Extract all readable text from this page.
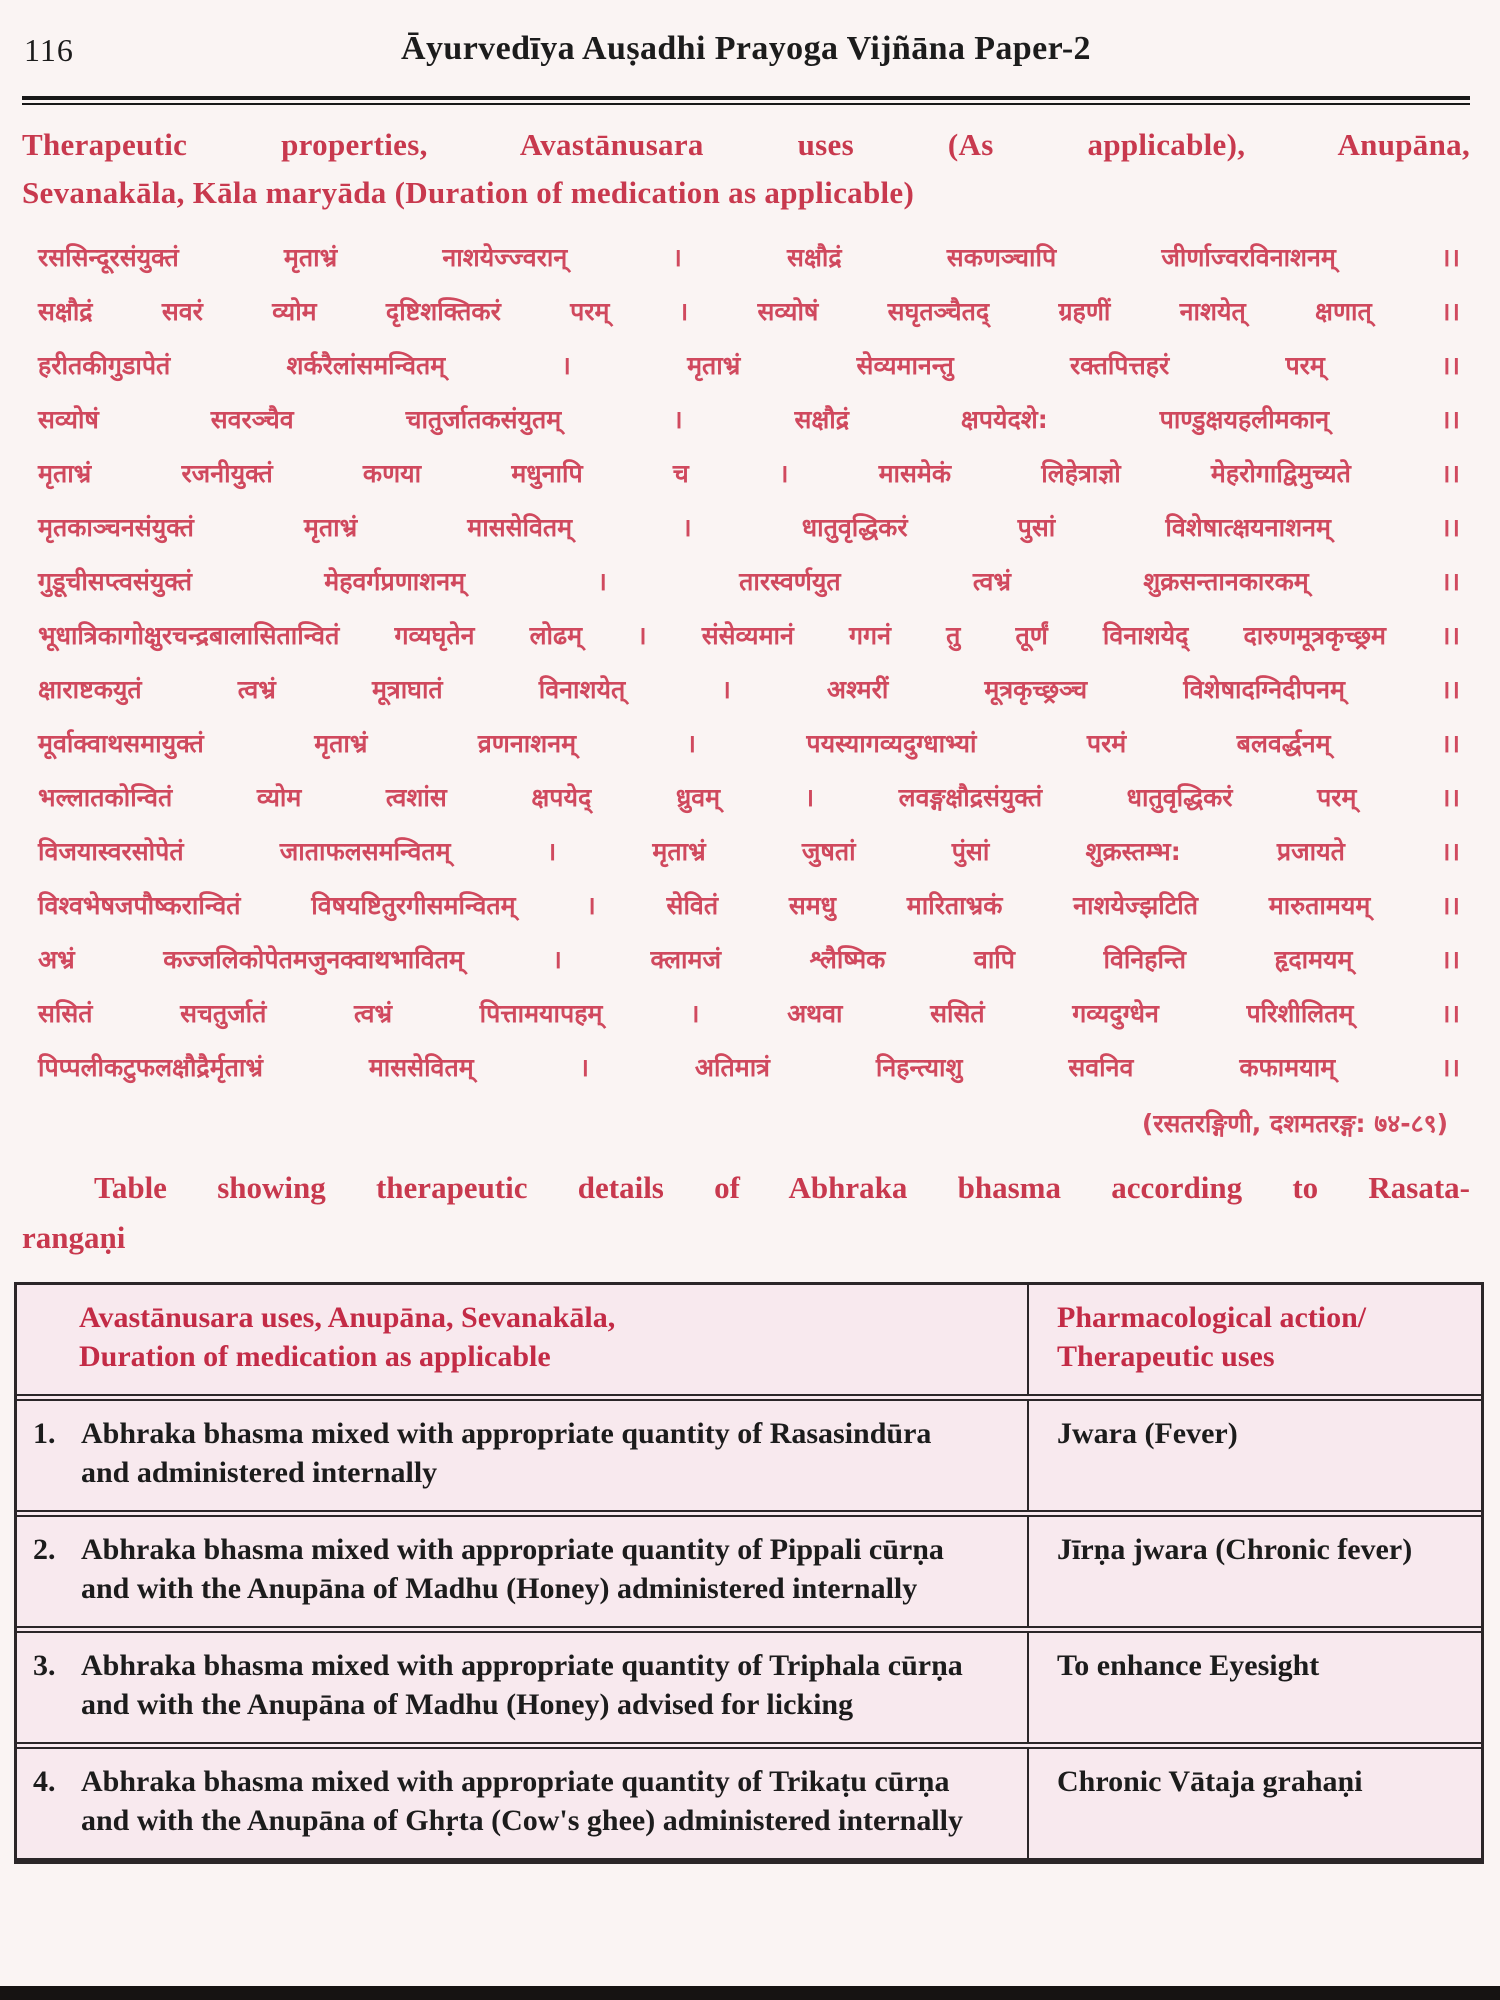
116	Āyurvedīya Auṣadhi Prayoga Vijñāna Paper-2
Therapeutic properties, Avastānusara uses (As applicable), Anupāna,
Sevanakāla, Kāla maryāda (Duration of medication as applicable)
रससिन्दूरसंयुक्तं मृताभ्रं नाशयेज्ज्वरान् । सक्षौद्रं सकणञ्चापि जीर्णाज्वरविनाशनम् ।।
सक्षौद्रं सवरं व्योम दृष्टिशक्तिकरं परम् । सव्योषं सघृतञ्चैतद् ग्रहणीं नाशयेत् क्षणात् ।।
हरीतकीगुडापेतं शर्करैलांसमन्वितम् । मृताभ्रं सेव्यमानन्तु रक्तपित्तहरं परम् ।।
सव्योषं सवरञ्चैव चातुर्जातकसंयुतम् । सक्षौद्रं क्षपयेदशे: पाण्डुक्षयहलीमकान् ।।
मृताभ्रं रजनीयुक्तं कणया मधुनापि च । मासमेकं लिहेत्राज्ञो मेहरोगाद्विमुच्यते ।।
मृतकाञ्चनसंयुक्तं मृताभ्रं माससेवितम् । धातुवृद्धिकरं पुसां विशेषात्क्षयनाशनम् ।।
गुडूचीसप्त्वसंयुक्तं मेहवर्गप्रणाशनम् । तारस्वर्णयुत त्वभ्रं शुक्रसन्तानकारकम् ।।
भूधात्रिकागोक्षुरचन्द्रबालासितान्वितं गव्यघृतेन लोढम् । संसेव्यमानं गगनं तु तूर्णं विनाशयेद् दारुणमूत्रकृच्छ्रम ।।
क्षाराष्टकयुतं त्वभ्रं मूत्राघातं विनाशयेत् । अश्मरीं मूत्रकृच्छ्रञ्च विशेषादग्निदीपनम् ।।
मूर्वाक्वाथसमायुक्तं मृताभ्रं व्रणनाशनम् । पयस्यागव्यदुग्धाभ्यां परमं बलवर्द्धनम् ।।
भल्लातकोन्वितं व्योम त्वशांस क्षपयेद् ध्रुवम् । लवङ्गक्षौद्रसंयुक्तं धातुवृद्धिकरं परम् ।।
विजयास्वरसोपेतं जाताफलसमन्वितम् । मृताभ्रं जुषतां पुंसां शुक्रस्तम्भ: प्रजायते ।।
विश्वभेषजपौष्करान्वितं विषयष्टितुरगीसमन्वितम् । सेवितं समधु मारिताभ्रकं नाशयेज्झटिति मारुतामयम् ।।
अभ्रं कज्जलिकोपेतमजुनक्वाथभावितम् । क्लामजं श्लैष्मिक वापि विनिहन्ति हृदामयम् ।।
ससितं सचतुर्जातं त्वभ्रं पित्तामयापहम् । अथवा ससितं गव्यदुग्धेन परिशीलितम् ।।
पिप्पलीकटुफलक्षौद्रैर्मृताभ्रं माससेवितम् । अतिमात्रं निहन्त्याशु सवनिव कफामयाम् ।।
(रसतरङ्गिणी, दशमतरङ्ग: ७४-८९)
Table showing therapeutic details of Abhraka bhasma according to Rasata-
rangaṇi
Avastānusara uses, Anupāna, Sevanakāla,
Duration of medication as applicable
Pharmacological action/
Therapeutic uses
1. Abhraka bhasma mixed with appropriate quantity of Rasasindūra and administered internally
Jwara (Fever)
2. Abhraka bhasma mixed with appropriate quantity of Pippali cūrṇa and with the Anupāna of Madhu (Honey) administered internally
Jīrṇa jwara (Chronic fever)
3. Abhraka bhasma mixed with appropriate quantity of Triphala cūrṇa and with the Anupāna of Madhu (Honey) advised for licking
To enhance Eyesight
4. Abhraka bhasma mixed with appropriate quantity of Trikaṭu cūrṇa and with the Anupāna of Ghṛta (Cow's ghee) administered internally
Chronic Vātaja grahaṇi
